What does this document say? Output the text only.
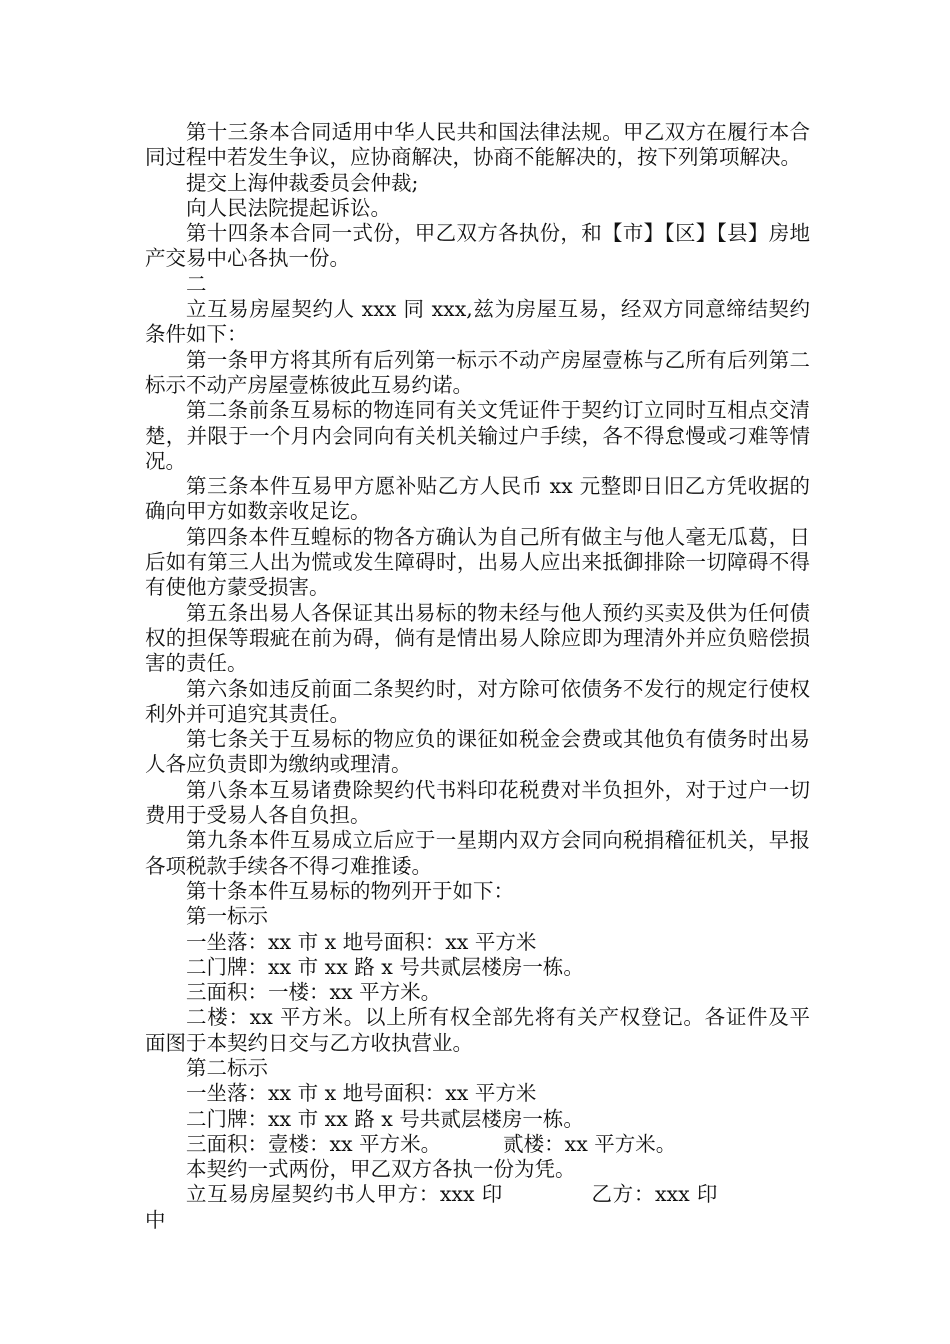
第十三条本合同适用中华人民共和国法律法规。甲乙双方在履行本合同过程中若发生争议，应协商解决，协商不能解决的，按下列第项解决。

提交上海仲裁委员会仲裁;

向人民法院提起诉讼。

第十四条本合同一式份，甲乙双方各执份，和【市】【区】【县】房地产交易中心各执一份。

二

立互易房屋契约人 xxx 同 xxx,兹为房屋互易，经双方同意缔结契约条件如下：

第一条甲方将其所有后列第一标示不动产房屋壹栋与乙所有后列第二标示不动产房屋壹栋彼此互易约诺。

第二条前条互易标的物连同有关文凭证件于契约订立同时互相点交清楚，并限于一个月内会同向有关机关输过户手续，各不得怠慢或刁难等情况。

第三条本件互易甲方愿补贴乙方人民币 xx 元整即日旧乙方凭收据的确向甲方如数亲收足讫。

第四条本件互蝗标的物各方确认为自己所有做主与他人毫无瓜葛，日后如有第三人出为慌或发生障碍时，出易人应出来抵御排除一切障碍不得有使他方蒙受损害。

第五条出易人各保证其出易标的物未经与他人预约买卖及供为任何债权的担保等瑕疵在前为碍，倘有是情出易人除应即为理清外并应负赔偿损害的责任。

第六条如违反前面二条契约时，对方除可依债务不发行的规定行使权利外并可追究其责任。

第七条关于互易标的物应负的课征如税金会费或其他负有债务时出易人各应负责即为缴纳或理清。

第八条本互易诸费除契约代书料印花税费对半负担外，对于过户一切费用于受易人各自负担。

第九条本件互易成立后应于一星期内双方会同向税捐稽征机关，早报各项税款手续各不得刁难推诿。

第十条本件互易标的物列开于如下：

第一标示

一坐落：xx 市 x 地号面积：xx 平方米

二门牌：xx 市 xx 路 x 号共贰层楼房一栋。

三面积：一楼：xx 平方米。

二楼：xx 平方米。以上所有权全部先将有关产权登记。各证件及平面图于本契约日交与乙方收执营业。

第二标示

一坐落：xx 市 x 地号面积：xx 平方米

二门牌：xx 市 xx 路 x 号共贰层楼房一栋。

三面积：壹楼：xx 平方米。	贰楼：xx 平方米。

本契约一式两份，甲乙双方各执一份为凭。

立互易房屋契约书人甲方：xxx 印	乙方：xxx 印中
